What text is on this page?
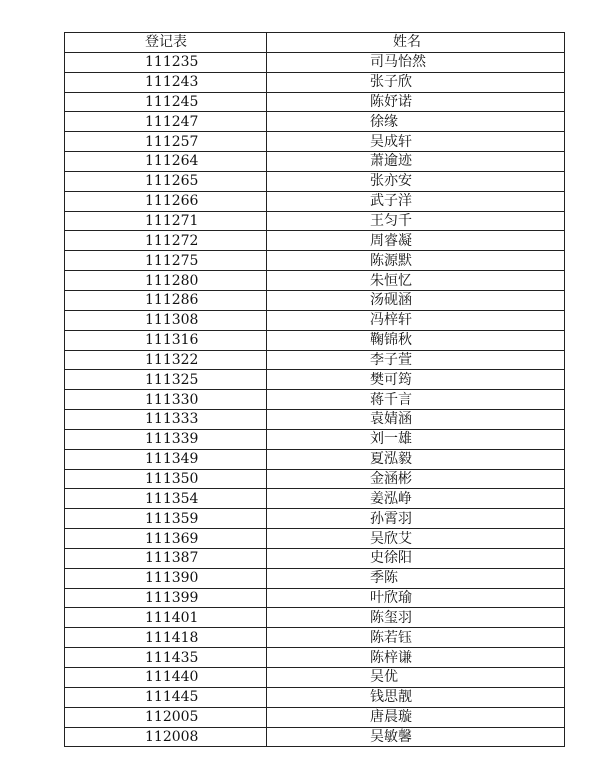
登记表	姓名
111235	司马怡然
111243	张子欣
111245	陈妤诺
111247	徐缘
111257	吴成轩
111264	萧逾迹
111265	张亦安
111266	武子洋
111271	王匀千
111272	周睿凝
111275	陈源默
111280	朱恒忆
111286	汤砚涵
111308	冯梓轩
111316	鞠锦秋
111322	李子萱
111325	樊可筠
111330	蒋千言
111333	袁婧涵
111339	刘一雄
111349	夏泓毅
111350	金涵彬
111354	姜泓峥
111359	孙霄羽
111369	吴欣艾
111387	史徐阳
111390	季陈
111399	叶欣瑜
111401	陈玺羽
111418	陈若钰
111435	陈梓谦
111440	吴优
111445	钱思靓
112005	唐晨璇
112008	吴敏馨
